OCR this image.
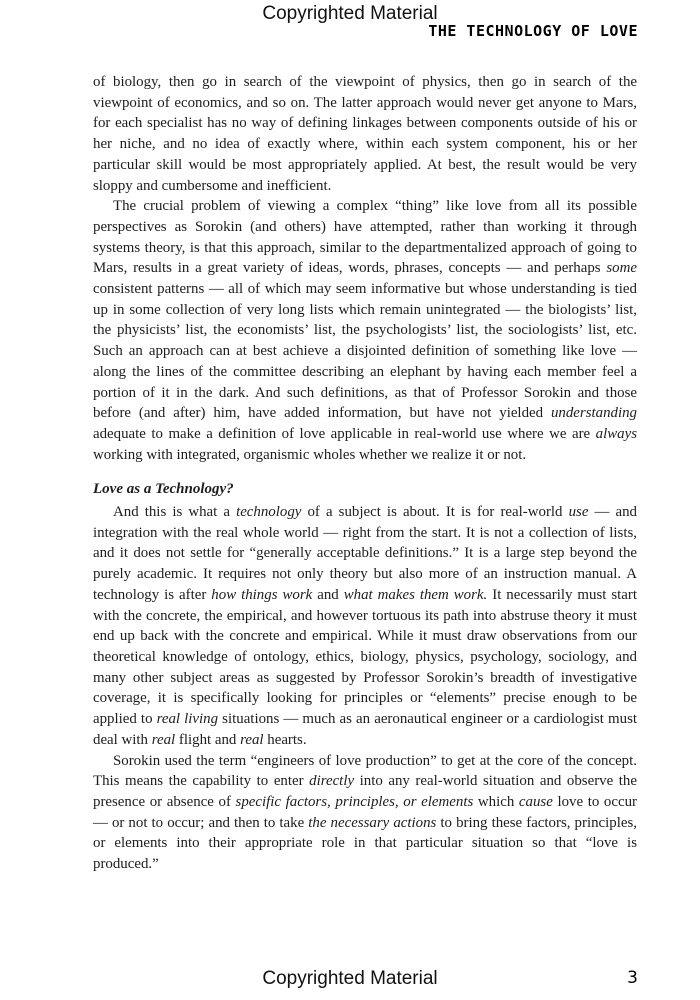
Copyrighted Material
THE TECHNOLOGY OF LOVE

of biology, then go in search of the viewpoint of physics, then go in search of the viewpoint of economics, and so on. The latter approach would never get anyone to Mars, for each specialist has no way of defining linkages between components outside of his or her niche, and no idea of exactly where, within each system component, his or her particular skill would be most appropriately applied. At best, the result would be very sloppy and cumbersome and inefficient.

The crucial problem of viewing a complex “thing” like love from all its possible perspectives as Sorokin (and others) have attempted, rather than working it through systems theory, is that this approach, similar to the departmentalized approach of going to Mars, results in a great variety of ideas, words, phrases, concepts — and perhaps some consistent patterns — all of which may seem informative but whose understanding is tied up in some collection of very long lists which remain unintegrated — the biologists’ list, the physicists’ list, the economists’ list, the psychologists’ list, the sociologists’ list, etc. Such an approach can at best achieve a disjointed definition of something like love — along the lines of the committee describing an elephant by having each member feel a portion of it in the dark. And such definitions, as that of Professor Sorokin and those before (and after) him, have added information, but have not yielded understanding adequate to make a definition of love applicable in real-world use where we are always working with integrated, organismic wholes whether we realize it or not.

Love as a Technology?

And this is what a technology of a subject is about. It is for real-world use — and integration with the real whole world — right from the start. It is not a collection of lists, and it does not settle for “generally acceptable definitions.” It is a large step beyond the purely academic. It requires not only theory but also more of an instruction manual. A technology is after how things work and what makes them work. It necessarily must start with the concrete, the empirical, and however tortuous its path into abstruse theory it must end up back with the concrete and empirical. While it must draw observations from our theoretical knowledge of ontology, ethics, biology, physics, psychology, sociology, and many other subject areas as suggested by Professor Sorokin’s breadth of investigative coverage, it is specifically looking for principles or “elements” precise enough to be applied to real living situations — much as an aeronautical engineer or a cardiologist must deal with real flight and real hearts.

Sorokin used the term “engineers of love production” to get at the core of the concept. This means the capability to enter directly into any real-world situation and observe the presence or absence of specific factors, principles, or elements which cause love to occur — or not to occur; and then to take the necessary actions to bring these factors, principles, or elements into their appropriate role in that particular situation so that “love is produced.”

Copyrighted Material	3
